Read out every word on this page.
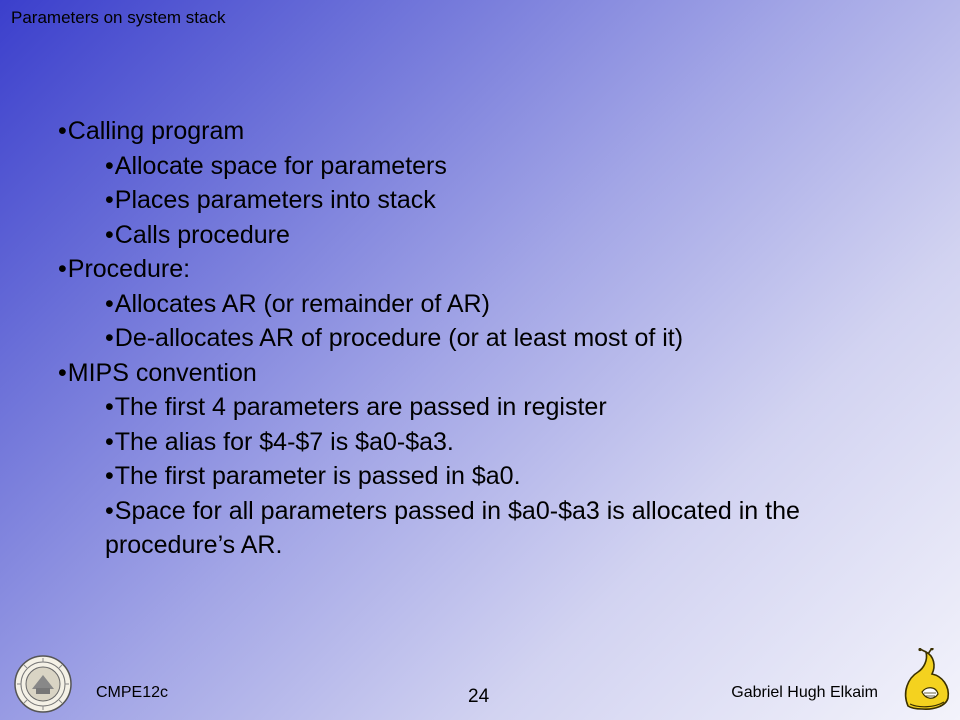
Parameters on system stack
•Calling program
•Allocate space for parameters
•Places parameters into stack
•Calls procedure
•Procedure:
•Allocates AR (or remainder of AR)
•De-allocates AR of procedure (or at least most of it)
•MIPS convention
•The first 4 parameters are passed in register
•The alias for $4-$7 is $a0-$a3.
•The first parameter is passed in $a0.
•Space for all parameters passed in $a0-$a3 is allocated in the procedure’s AR.
CMPE12c	24	Gabriel Hugh Elkaim
